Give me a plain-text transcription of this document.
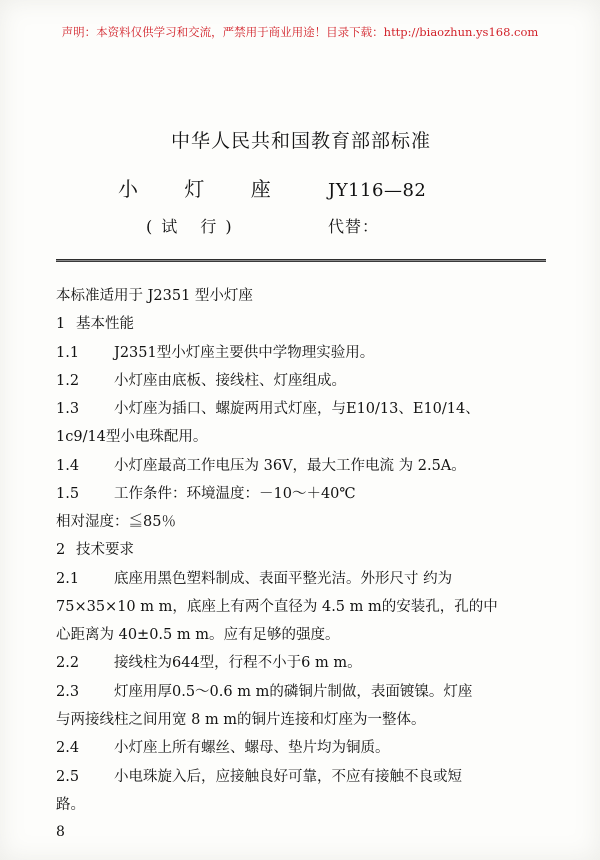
声明：本资料仅供学习和交流，严禁用于商业用途！目录下载：http://biaozhun.ys168.com
中华人民共和国教育部部标准
小 灯 座	JY116—82
(试 行)	代替：

本标准适用于 J2351 型小灯座

1 基本性能

1.1 J2351型小灯座主要供中学物理实验用。

1.2 小灯座由底板、接线柱、灯座组成。

1.3 小灯座为插口、螺旋两用式灯座，与E10/13、E10/14、

1c9/14型小电珠配用。

1.4 小灯座最高工作电压为 36V，最大工作电流 为 2.5A。

1.5 工作条件：环境温度：－10～＋40℃

相对湿度：≦85％

2 技术要求

2.1 底座用黑色塑料制成、表面平整光洁。外形尺寸 约为

75×35×10 m m，底座上有两个直径为 4.5 m m的安装孔，孔的中

心距离为 40±0.5 m m。应有足够的强度。

2.2 接线柱为644型，行程不小于6 m m。

2.3 灯座用厚0.5～0.6 m m的磷铜片制做，表面镀镍。灯座

与两接线柱之间用宽 8 m m的铜片连接和灯座为一整体。

2.4 小灯座上所有螺丝、螺母、垫片均为铜质。

2.5 小电珠旋入后，应接触良好可靠，不应有接触不良或短

路。

8
